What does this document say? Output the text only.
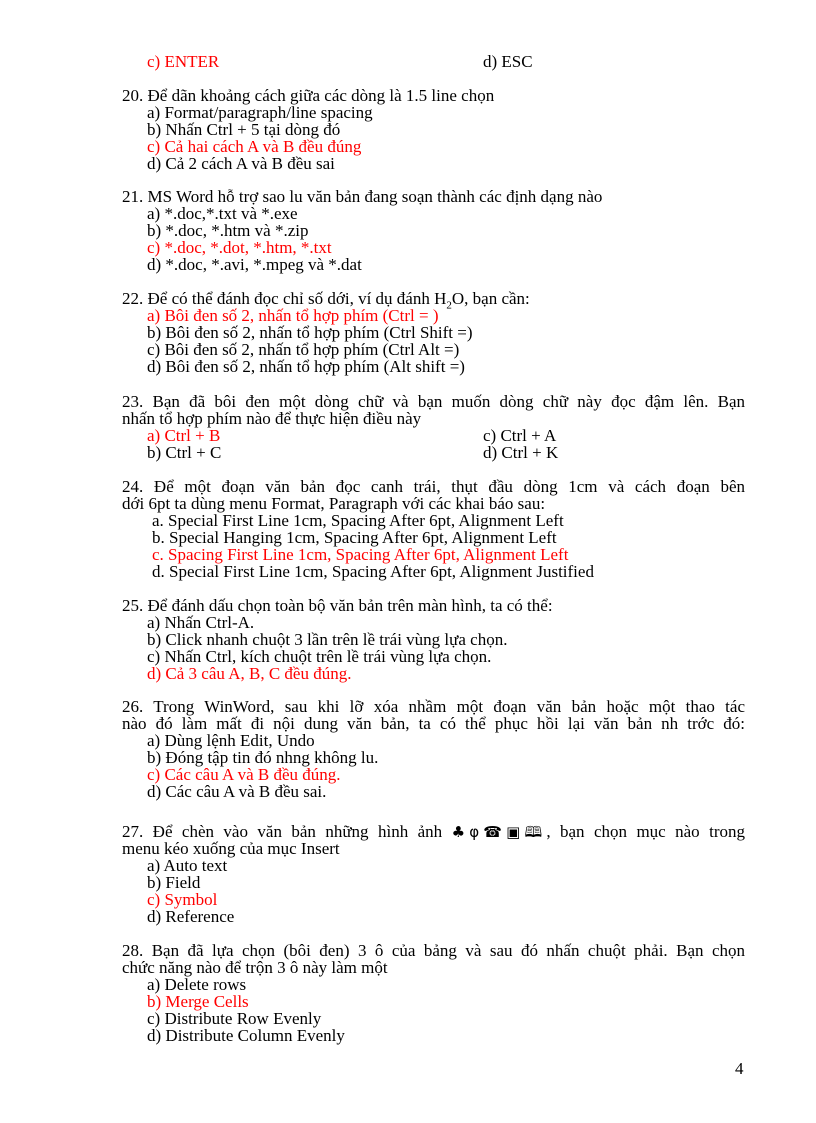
c) ENTER	d) ESC
20. Để dãn khoảng cách giữa các dòng là 1.5 line chọn
a) Format/paragraph/line spacing
b) Nhấn Ctrl + 5 tại dòng đó
c) Cả hai cách A và B đều đúng
d) Cả 2 cách A và B đều sai
21. MS Word hỗ trợ sao lu văn bản đang soạn thành các định dạng nào
a) *.doc,*.txt và *.exe
b) *.doc, *.htm và *.zip
c) *.doc, *.dot, *.htm, *.txt
d) *.doc, *.avi, *.mpeg và *.dat
22. Để có thể đánh đọc chỉ số dới, ví dụ đánh $H_2O$, bạn cần:
a) Bôi đen số 2, nhấn tổ hợp phím (Ctrl = )
b) Bôi đen số 2, nhấn tổ hợp phím (Ctrl Shift =)
c) Bôi đen số 2, nhấn tổ hợp phím (Ctrl Alt =)
d) Bôi đen số 2, nhấn tổ hợp phím (Alt shift =)
23. Bạn đã bôi đen một dòng chữ và bạn muốn dòng chữ này đọc đậm lên. Bạn
nhấn tổ hợp phím nào để thực hiện điều này
a) Ctrl + B	c) Ctrl + A
b) Ctrl + C	d) Ctrl + K
24. Để một đoạn văn bản đọc canh trái, thụt đầu dòng 1cm và cách đoạn bên
dới 6pt ta dùng menu Format, Paragraph với các khai báo sau:
a. Special First Line 1cm, Spacing After 6pt, Alignment Left
b. Special Hanging 1cm, Spacing After 6pt, Alignment Left
c. Spacing First Line 1cm, Spacing After 6pt, Alignment Left
d. Special First Line 1cm, Spacing After 6pt, Alignment Justified
25. Để đánh dấu chọn toàn bộ văn bản trên màn hình, ta có thể:
a) Nhấn Ctrl-A.
b) Click nhanh chuột 3 lần trên lề trái vùng lựa chọn.
c) Nhấn Ctrl, kích chuột trên lề trái vùng lựa chọn.
d) Cả 3 câu A, B, C đều đúng.
26. Trong WinWord, sau khi lỡ xóa nhầm một đoạn văn bản hoặc một thao tác
nào đó làm mất đi nội dung văn bản, ta có thể phục hồi lại văn bản nh trớc đó:
a) Dùng lệnh Edit, Undo
b) Đóng tập tin đó nhng không lu.
c) Các câu A và B đều đúng.
d) Các câu A và B đều sai.
27. Để chèn vào văn bản những hình ảnh ♣φ☎▣🕮, bạn chọn mục nào trong
menu kéo xuống của mục Insert
a) Auto text
b) Field
c) Symbol
d) Reference
28. Bạn đã lựa chọn (bôi đen) 3 ô của bảng và sau đó nhấn chuột phải. Bạn chọn
chức năng nào để trộn 3 ô này làm một
a) Delete rows
b) Merge Cells
c) Distribute Row Evenly
d) Distribute Column Evenly
4
